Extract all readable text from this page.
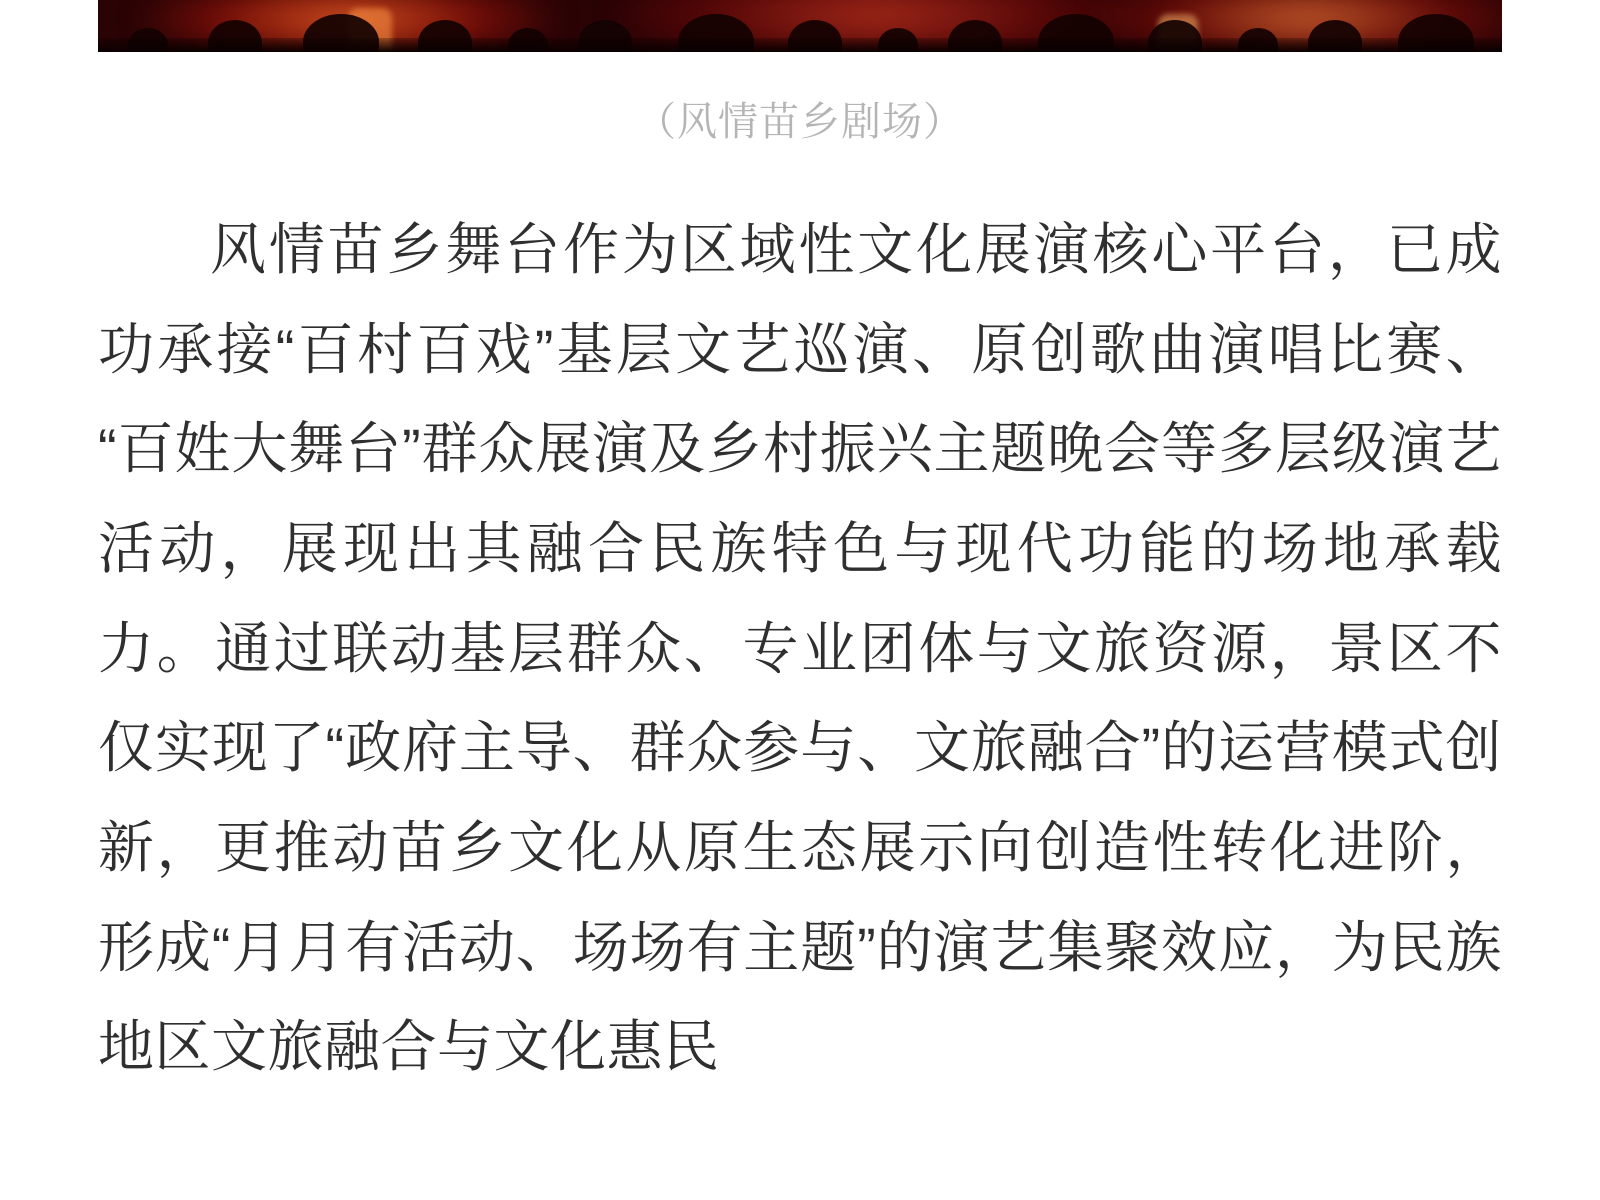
（风情苗乡剧场）

风情苗乡舞台作为区域性文化展演核心平台，已成功承接“百村百戏”基层文艺巡演、原创歌曲演唱比赛、“百姓大舞台”群众展演及乡村振兴主题晚会等多层级演艺活动，展现出其融合民族特色与现代功能的场地承载力。通过联动基层群众、专业团体与文旅资源，景区不仅实现了“政府主导、群众参与、文旅融合”的运营模式创新，更推动苗乡文化从原生态展示向创造性转化进阶，形成“月月有活动、场场有主题”的演艺集聚效应，为民族地区文旅融合与文化惠民
